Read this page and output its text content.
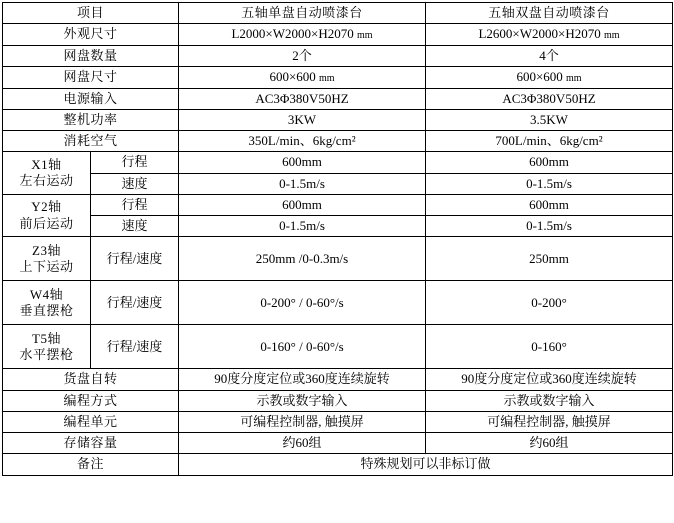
项目		五轴单盘自动喷漆台	五轴双盘自动喷漆台
外观尺寸		L2000×W2000×H2070 mm	L2600×W2000×H2070 mm
网盘数量		2个	4个
网盘尺寸		600×600 mm	600×600 mm
电源输入		AC3Φ380V50HZ	AC3Φ380V50HZ
整机功率		3KW	3.5KW
消耗空气		350L/min、6kg/cm²	700L/min、6kg/cm²

X1轴
左右运动	行程	600mm	600mm
	速度	0-1.5m/s	0-1.5m/s

Y2轴
前后运动	行程	600mm	600mm
	速度	0-1.5m/s	0-1.5m/s

Z3轴
上下运动	行程/速度	250mm /0-0.3m/s	250mm

W4轴
垂直摆枪	行程/速度	0-200° / 0-60°/s	0-200°

T5轴
水平摆枪	行程/速度	0-160° / 0-60°/s	0-160°
货盘自转		90度分度定位或360度连续旋转	90度分度定位或360度连续旋转
编程方式		示教或数字输入	示教或数字输入
编程单元		可编程控制器, 触摸屏	可编程控制器, 触摸屏
存储容量		约60组	约60组
备注		特殊规划可以非标订做	
